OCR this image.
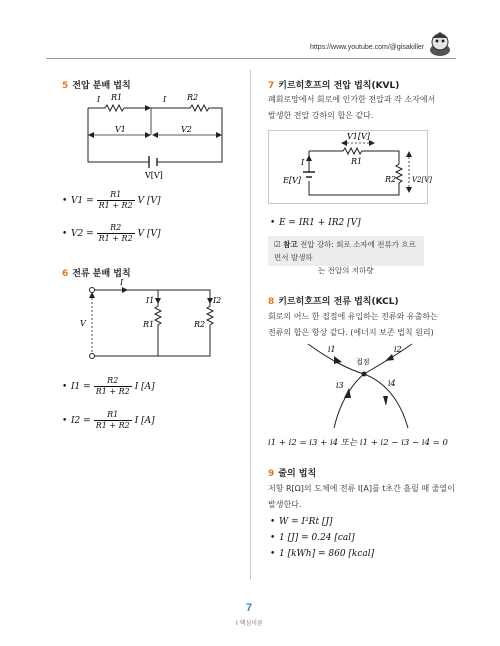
https://www.youtube.com/@gisakiller
5 전압 분배 법칙
I R1	I	R2
V1	V2
V[V]
• $V1 = \frac{R1}{R1 + R2}$ V [V]
• $V2 = \frac{R2}{R1 + R2}$ V [V]
6 전류 분배 법칙
I
I1	I2
R1	R2
V
• $I1 = \frac{R2}{R1 + R2}$ I [A]
• $I2 = \frac{R1}{R1 + R2}$ I [A]
7 키르히호프의 전압 법칙(KVL)
폐회로망에서 회로에 인가한 전압과 각 소자에서
발생한 전압 강하의 합은 같다.
V1[V]
R1
I
E[V]	R2 V2[V]
• E = IR1 + IR2 [V]
☑ 참고 전압 강하: 회로 소자에 전류가 흐르면서 발생하
는 전압의 저하량
8 키르히호프의 전류 법칙(KCL)
회로의 어느 한 접점에 유입하는 전류와 유출하는
전류의 합은 항상 같다. (에너지 보존 법칙 원리)
i1	i2
접점
i3	i4
i1 + i2 = i3 + i4 또는 i1 + i2 − i3 − i4 = 0
9 줄의 법칙
저항 R[Ω]의 도체에 전류 I[A]를 t초간 흘릴 때 줄열이
발생한다.
• W = I²Rt [J]
• 1 [J] = 0.24 [cal]
• 1 [kWh] = 860 [kcal]
7
I 핵심이론
